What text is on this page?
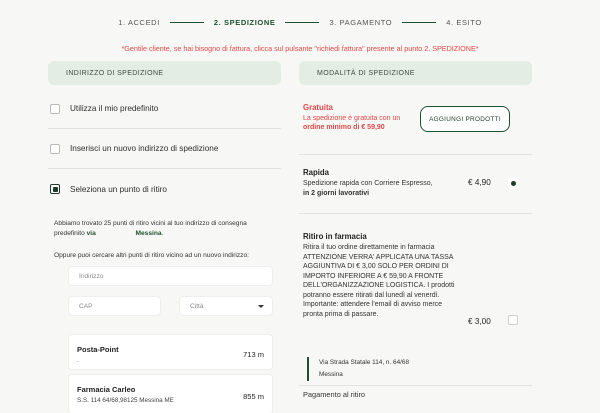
1. ACCEDI	2. SPEDIZIONE	3. PAGAMENTO	4. ESITO
*Gentile cliente, se hai bisogno di fattura, clicca sul pulsante "richiedi fattura" presente al punto 2. SPEDIZIONE*
INDIRIZZO DI SPEDIZIONE
Utilizza il mio predefinito
Inserisci un nuovo indirizzo di spedizione
Seleziona un punto di ritiro
Abbiamo trovato 25 punti di ritiro vicini al tuo indirizzo di consegna predefinito via	Messina.
Oppure puoi cercare altri punti di ritiro vicino ad un nuovo indirizzo:
Indirizzo
CAP	Città
Posta-Point
.
713 m
Farmacia Carleo
S.S. 114 64/68,98125 Messina ME	855 m
MODALITÀ DI SPEDIZIONE
Gratuita
La spedizione è gratuita con un ordine minimo di € 59,90
AGGIUNGI PRODOTTI
Rapida
Spedizione rapida con Corriere Espresso,
in 2 giorni lavorativi
€ 4,90
Ritiro in farmacia
Ritira il tuo ordine direttamente in farmacia ATTENZIONE VERRA' APPLICATA UNA TASSA AGGIUNTIVA DI € 3,00 SOLO PER ORDINI DI IMPORTO INFERIORE A € 59,90 A FRONTE DELL'ORGANIZZAZIONE LOGISTICA. I prodotti potranno essere ritirati dal lunedì al venerdì. Importante: attendere l'email di avviso merce pronta prima di passare.
€ 3,00
Via Strada Statale 114, n. 64/68
Messina
Pagamento al ritiro
